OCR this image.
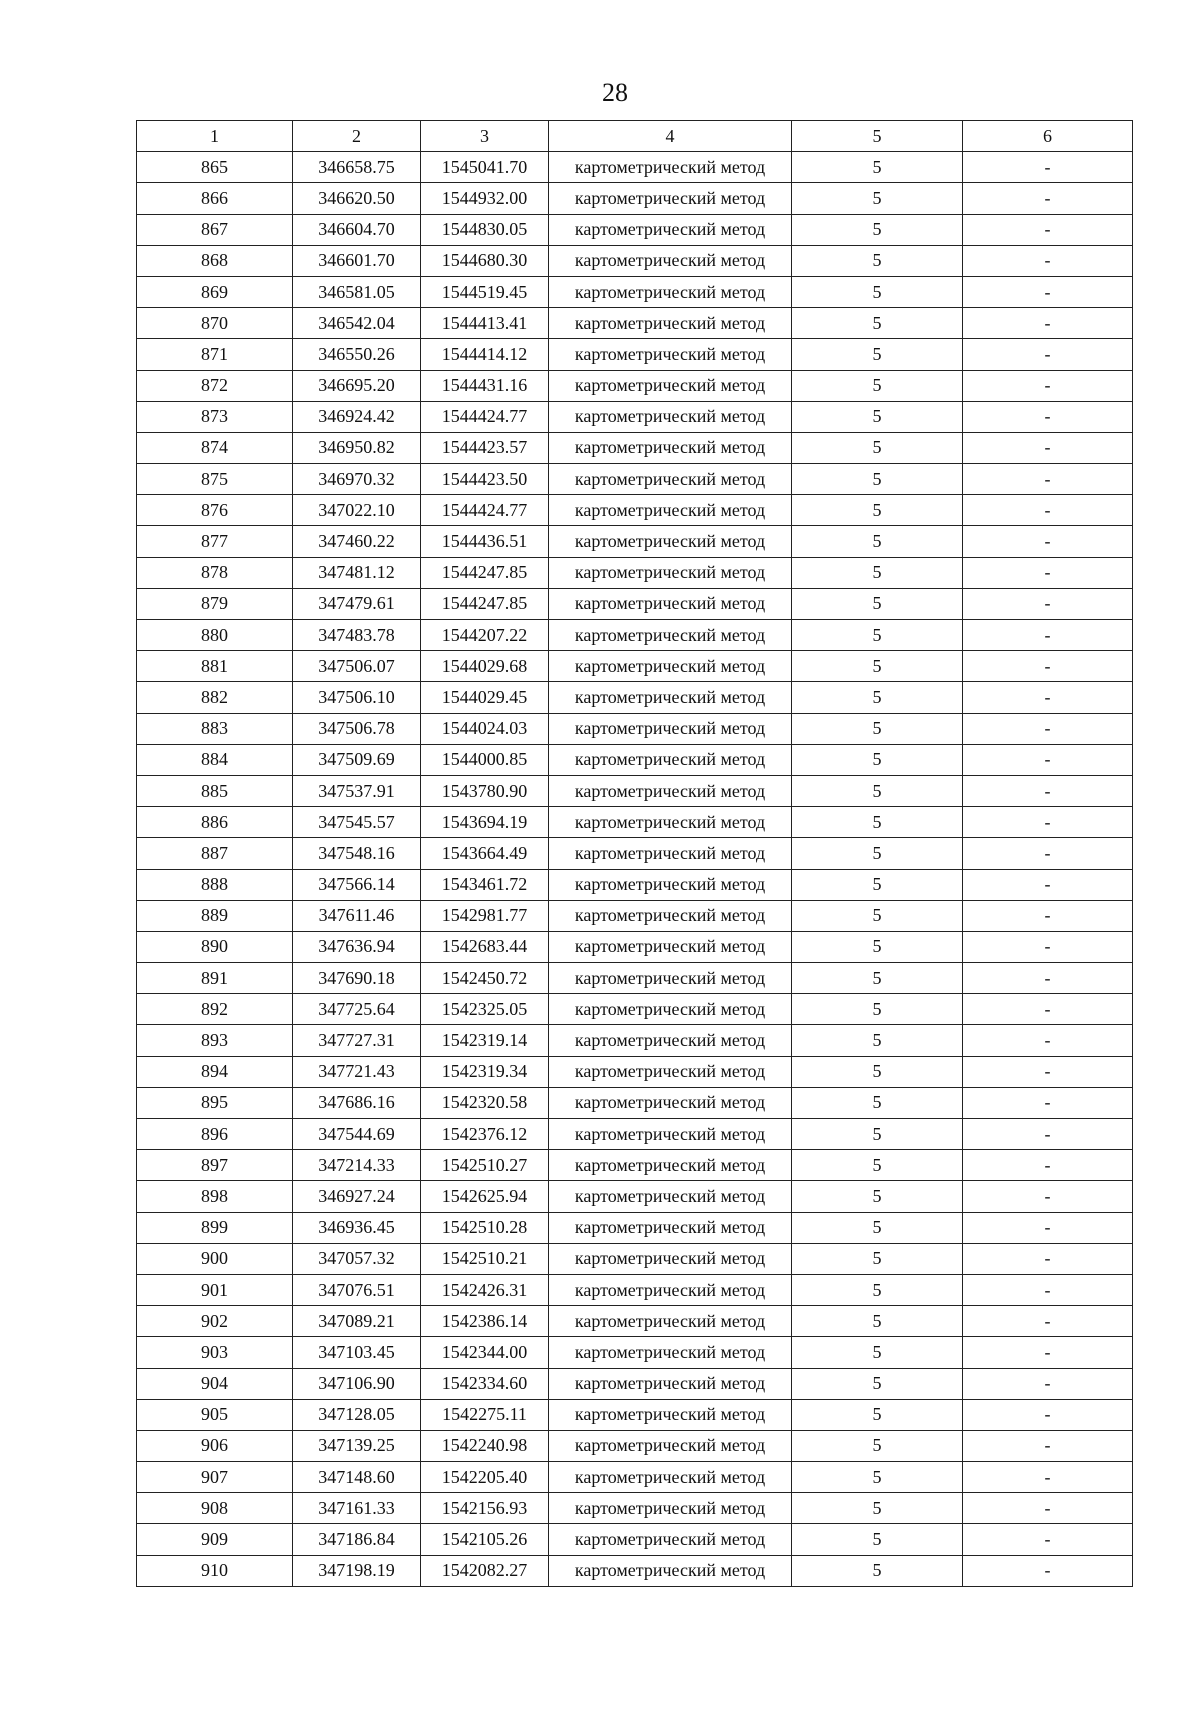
28
1	2	3	4	5	6
865	346658.75	1545041.70	картометрический метод	5	-
866	346620.50	1544932.00	картометрический метод	5	-
867	346604.70	1544830.05	картометрический метод	5	-
868	346601.70	1544680.30	картометрический метод	5	-
869	346581.05	1544519.45	картометрический метод	5	-
870	346542.04	1544413.41	картометрический метод	5	-
871	346550.26	1544414.12	картометрический метод	5	-
872	346695.20	1544431.16	картометрический метод	5	-
873	346924.42	1544424.77	картометрический метод	5	-
874	346950.82	1544423.57	картометрический метод	5	-
875	346970.32	1544423.50	картометрический метод	5	-
876	347022.10	1544424.77	картометрический метод	5	-
877	347460.22	1544436.51	картометрический метод	5	-
878	347481.12	1544247.85	картометрический метод	5	-
879	347479.61	1544247.85	картометрический метод	5	-
880	347483.78	1544207.22	картометрический метод	5	-
881	347506.07	1544029.68	картометрический метод	5	-
882	347506.10	1544029.45	картометрический метод	5	-
883	347506.78	1544024.03	картометрический метод	5	-
884	347509.69	1544000.85	картометрический метод	5	-
885	347537.91	1543780.90	картометрический метод	5	-
886	347545.57	1543694.19	картометрический метод	5	-
887	347548.16	1543664.49	картометрический метод	5	-
888	347566.14	1543461.72	картометрический метод	5	-
889	347611.46	1542981.77	картометрический метод	5	-
890	347636.94	1542683.44	картометрический метод	5	-
891	347690.18	1542450.72	картометрический метод	5	-
892	347725.64	1542325.05	картометрический метод	5	-
893	347727.31	1542319.14	картометрический метод	5	-
894	347721.43	1542319.34	картометрический метод	5	-
895	347686.16	1542320.58	картометрический метод	5	-
896	347544.69	1542376.12	картометрический метод	5	-
897	347214.33	1542510.27	картометрический метод	5	-
898	346927.24	1542625.94	картометрический метод	5	-
899	346936.45	1542510.28	картометрический метод	5	-
900	347057.32	1542510.21	картометрический метод	5	-
901	347076.51	1542426.31	картометрический метод	5	-
902	347089.21	1542386.14	картометрический метод	5	-
903	347103.45	1542344.00	картометрический метод	5	-
904	347106.90	1542334.60	картометрический метод	5	-
905	347128.05	1542275.11	картометрический метод	5	-
906	347139.25	1542240.98	картометрический метод	5	-
907	347148.60	1542205.40	картометрический метод	5	-
908	347161.33	1542156.93	картометрический метод	5	-
909	347186.84	1542105.26	картометрический метод	5	-
910	347198.19	1542082.27	картометрический метод	5	-
